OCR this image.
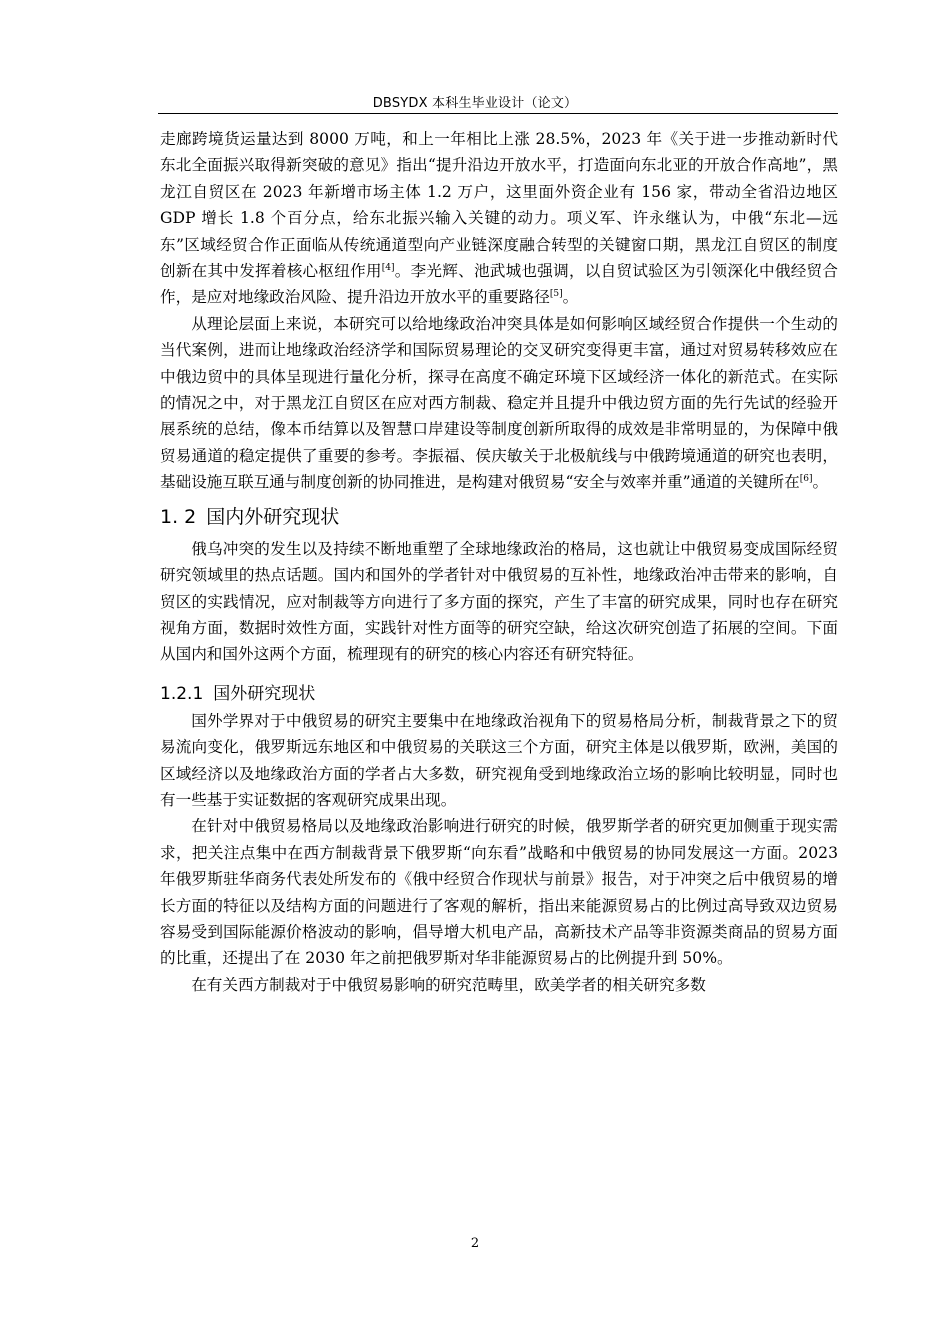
DBSYDX 本科生毕业设计（论文）

走廊跨境货运量达到 8000 万吨，和上一年相比上涨 28.5%，2023 年《关于进一步推动新时代东北全面振兴取得新突破的意见》指出“提升沿边开放水平，打造面向东北亚的开放合作高地”，黑龙江自贸区在 2023 年新增市场主体 1.2 万户，这里面外资企业有 156 家，带动全省沿边地区 GDP 增长 1.8 个百分点，给东北振兴输入关键的动力。项义军、许永继认为，中俄“东北—远东”区域经贸合作正面临从传统通道型向产业链深度融合转型的关键窗口期，黑龙江自贸区的制度创新在其中发挥着核心枢纽作用[4]。李光辉、池武城也强调，以自贸试验区为引领深化中俄经贸合作，是应对地缘政治风险、提升沿边开放水平的重要路径[5]。

从理论层面上来说，本研究可以给地缘政治冲突具体是如何影响区域经贸合作提供一个生动的当代案例，进而让地缘政治经济学和国际贸易理论的交叉研究变得更丰富，通过对贸易转移效应在中俄边贸中的具体呈现进行量化分析，探寻在高度不确定环境下区域经济一体化的新范式。在实际的情况之中，对于黑龙江自贸区在应对西方制裁、稳定并且提升中俄边贸方面的先行先试的经验开展系统的总结，像本币结算以及智慧口岸建设等制度创新所取得的成效是非常明显的，为保障中俄贸易通道的稳定提供了重要的参考。李振福、侯庆敏关于北极航线与中俄跨境通道的研究也表明，基础设施互联互通与制度创新的协同推进，是构建对俄贸易“安全与效率并重”通道的关键所在[6]。

1. 2 国内外研究现状

俄乌冲突的发生以及持续不断地重塑了全球地缘政治的格局，这也就让中俄贸易变成国际经贸研究领域里的热点话题。国内和国外的学者针对中俄贸易的互补性，地缘政治冲击带来的影响，自贸区的实践情况，应对制裁等方向进行了多方面的探究，产生了丰富的研究成果，同时也存在研究视角方面，数据时效性方面，实践针对性方面等的研究空缺，给这次研究创造了拓展的空间。下面从国内和国外这两个方面，梳理现有的研究的核心内容还有研究特征。

1.2.1 国外研究现状

国外学界对于中俄贸易的研究主要集中在地缘政治视角下的贸易格局分析，制裁背景之下的贸易流向变化，俄罗斯远东地区和中俄贸易的关联这三个方面，研究主体是以俄罗斯，欧洲，美国的区域经济以及地缘政治方面的学者占大多数，研究视角受到地缘政治立场的影响比较明显，同时也有一些基于实证数据的客观研究成果出现。

在针对中俄贸易格局以及地缘政治影响进行研究的时候，俄罗斯学者的研究更加侧重于现实需求，把关注点集中在西方制裁背景下俄罗斯“向东看”战略和中俄贸易的协同发展这一方面。2023 年俄罗斯驻华商务代表处所发布的《俄中经贸合作现状与前景》报告，对于冲突之后中俄贸易的增长方面的特征以及结构方面的问题进行了客观的解析，指出来能源贸易占的比例过高导致双边贸易容易受到国际能源价格波动的影响，倡导增大机电产品，高新技术产品等非资源类商品的贸易方面的比重，还提出了在 2030 年之前把俄罗斯对华非能源贸易占的比例提升到 50%。

在有关西方制裁对于中俄贸易影响的研究范畴里，欧美学者的相关研究多数

2
